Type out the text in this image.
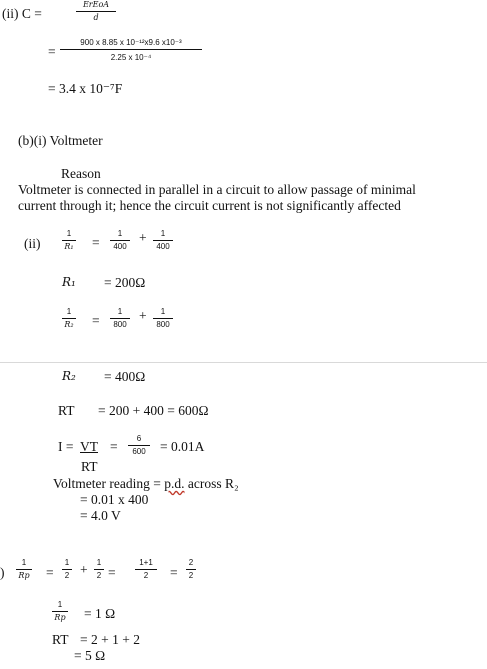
(ii) C =
ErEoA
d
=
900 x 8.85 x 10⁻¹²x9.6 x10⁻³
2.25 x 10⁻⁴
= 3.4 x 10⁻⁷F
(b)(i) Voltmeter
Reason
Voltmeter is connected in parallel in a circuit to allow passage of minimal
current through it; hence the circuit current is not significantly affected
(ii)
1
R₁ =
1
400
+	1
400
R₁ = 200Ω
1
R₂ =
1
800
+	1
800
R₂ = 400Ω
RT = 200 + 400 = 600Ω
I = VT
RT
=
6
600	= 0.01A
Voltmeter reading = p.d. across R₂
= 0.01 x 400
= 4.0 V
)
1
Rp =
1
2 +	1
2 =
1+1
2	=
2
2
1
Rp = 1 Ω
RT = 2 + 1 + 2
= 5 Ω
